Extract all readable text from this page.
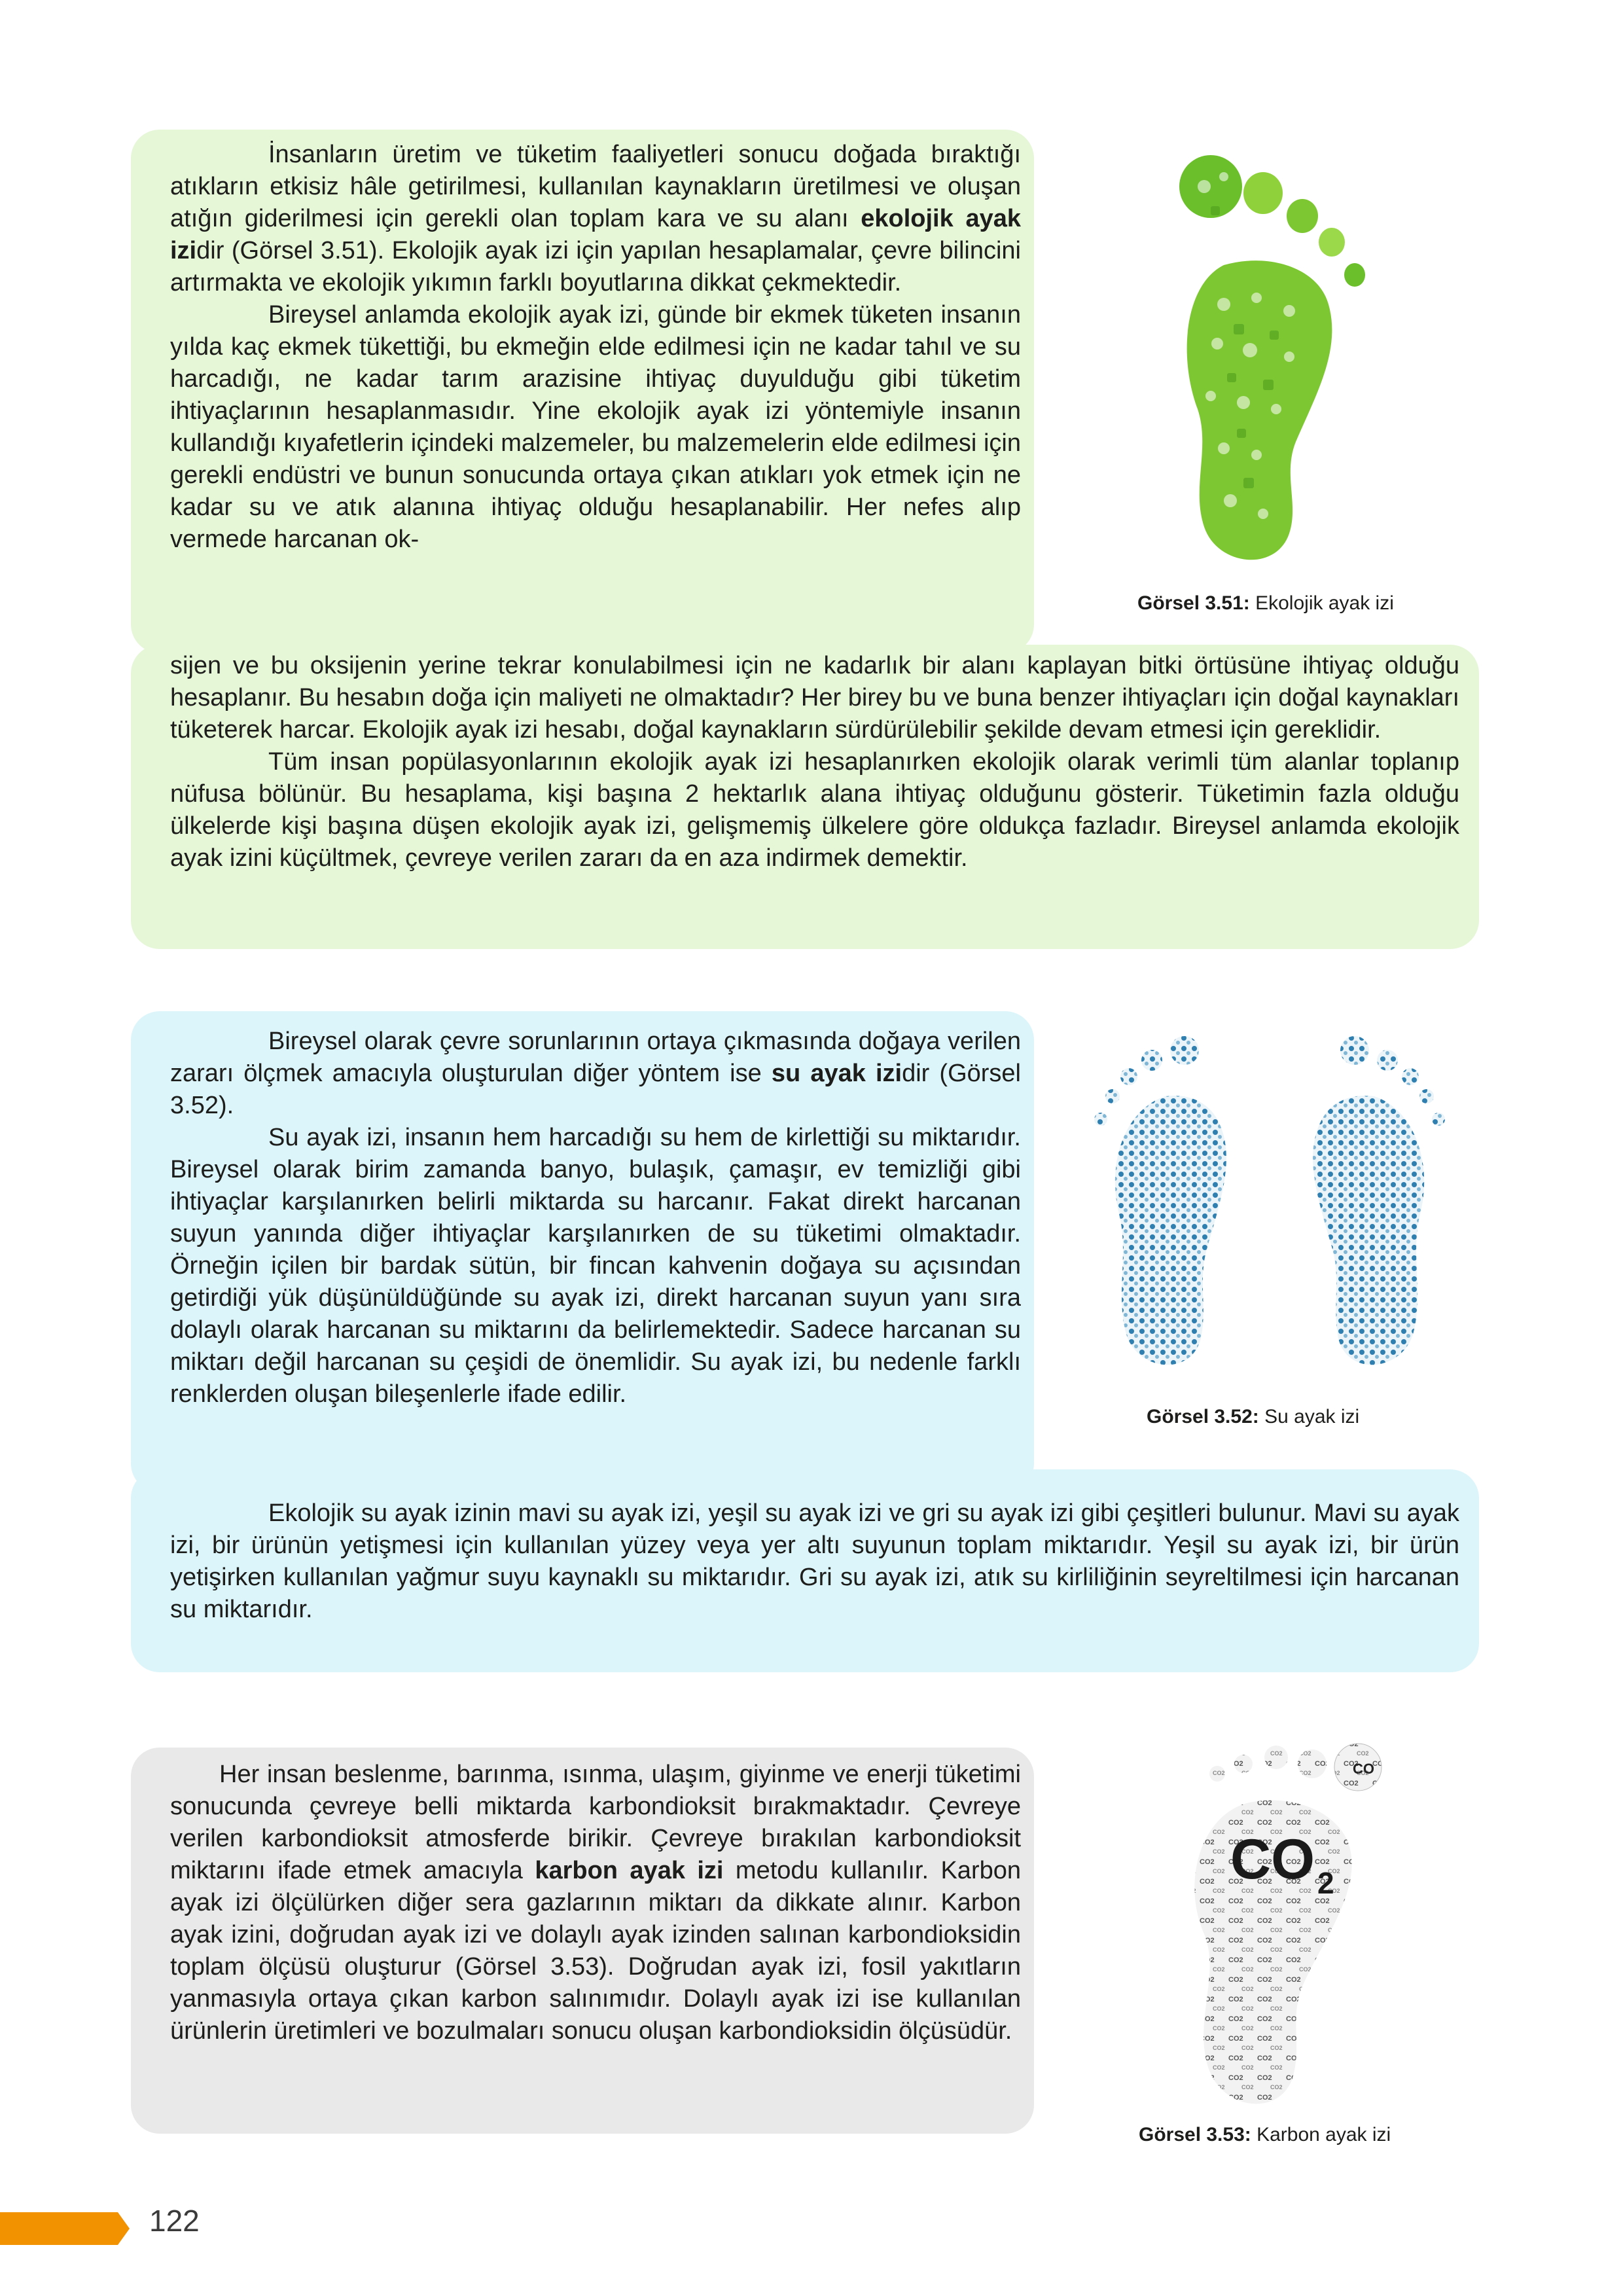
İnsanların üretim ve tüketim faaliyetleri sonucu doğada bıraktığı atıkların etkisiz hâle getirilmesi, kullanılan kaynakların üretilmesi ve oluşan atığın giderilmesi için gerekli olan toplam kara ve su alanı ekolojik ayak izidir (Görsel 3.51). Ekolojik ayak izi için yapılan hesaplamalar, çevre bilincini artırmakta ve ekolojik yıkımın farklı boyutlarına dikkat çekmektedir.

Bireysel anlamda ekolojik ayak izi, günde bir ekmek tüketen insanın yılda kaç ekmek tükettiği, bu ekmeğin elde edilmesi için ne kadar tahıl ve su harcadığı, ne kadar tarım arazisine ihtiyaç duyulduğu gibi tüketim ihtiyaçlarının hesaplanmasıdır. Yine ekolojik ayak izi yöntemiyle insanın kullandığı kıyafetlerin içindeki malzemeler, bu malzemelerin elde edilmesi için gerekli endüstri ve bunun sonucunda ortaya çıkan atıkları yok etmek için ne kadar su ve atık alanına ihtiyaç olduğu hesaplanabilir. Her nefes alıp vermede harcanan ok-

sijen ve bu oksijenin yerine tekrar konulabilmesi için ne kadarlık bir alanı kaplayan bitki örtüsüne ihtiyaç olduğu hesaplanır. Bu hesabın doğa için maliyeti ne olmaktadır? Her birey bu ve buna benzer ihtiyaçları için doğal kaynakları tüketerek harcar. Ekolojik ayak izi hesabı, doğal kaynakların sürdürülebilir şekilde devam etmesi için gereklidir.

Tüm insan popülasyonlarının ekolojik ayak izi hesaplanırken ekolojik olarak verimli tüm alanlar toplanıp nüfusa bölünür. Bu hesaplama, kişi başına 2 hektarlık alana ihtiyaç olduğunu gösterir. Tüketimin fazla olduğu ülkelerde kişi başına düşen ekolojik ayak izi, gelişmemiş ülkelere göre oldukça fazladır. Bireysel anlamda ekolojik ayak izini küçültmek, çevreye verilen zararı da en aza indirmek demektir.

Görsel 3.51: Ekolojik ayak izi

Bireysel olarak çevre sorunlarının ortaya çıkmasında doğaya verilen zararı ölçmek amacıyla oluşturulan diğer yöntem ise su ayak izidir (Görsel 3.52).

Su ayak izi, insanın hem harcadığı su hem de kirlettiği su miktarıdır. Bireysel olarak birim zamanda banyo, bulaşık, çamaşır, ev temizliği gibi ihtiyaçlar karşılanırken belirli miktarda su harcanır. Fakat direkt harcanan suyun yanında diğer ihtiyaçlar karşılanırken de su tüketimi olmaktadır. Örneğin içilen bir bardak sütün, bir fincan kahvenin doğaya su açısından getirdiği yük düşünüldüğünde su ayak izi, direkt harcanan suyun yanı sıra dolaylı olarak harcanan su miktarını da belirlemektedir. Sadece harcanan su miktarı değil harcanan su çeşidi de önemlidir. Su ayak izi, bu nedenle farklı renklerden oluşan bileşenlerle ifade edilir.

Ekolojik su ayak izinin mavi su ayak izi, yeşil su ayak izi ve gri su ayak izi gibi çeşitleri bulunur. Mavi su ayak izi, bir ürünün yetişmesi için kullanılan yüzey veya yer altı suyunun toplam miktarıdır. Yeşil su ayak izi, bir ürün yetişirken kullanılan yağmur suyu kaynaklı su miktarıdır. Gri su ayak izi, atık su kirliliğinin seyreltilmesi için harcanan su miktarıdır.

Görsel 3.52: Su ayak izi

Her insan beslenme, barınma, ısınma, ulaşım, giyinme ve enerji tüketimi sonucunda çevreye belli miktarda karbondioksit bırakmaktadır. Çevreye verilen karbondioksit atmosferde birikir. Çevreye bırakılan karbondioksit miktarını ifade etmek amacıyla karbon ayak izi metodu kullanılır. Karbon ayak izi ölçülürken diğer sera gazlarının miktarı da dikkate alınır. Karbon ayak izini, doğrudan ayak izi ve dolaylı ayak izinden salınan karbondioksidin toplam ölçüsü oluşturur (Görsel 3.53). Doğrudan ayak izi, fosil yakıtların yanmasıyla ortaya çıkan karbon salınımıdır. Dolaylı ayak izi ise kullanılan ürünlerin üretimleri ve bozulmaları sonucu oluşan karbondioksidin ölçüsüdür.

CO 2
CO
Görsel 3.53: Karbon ayak izi
122
